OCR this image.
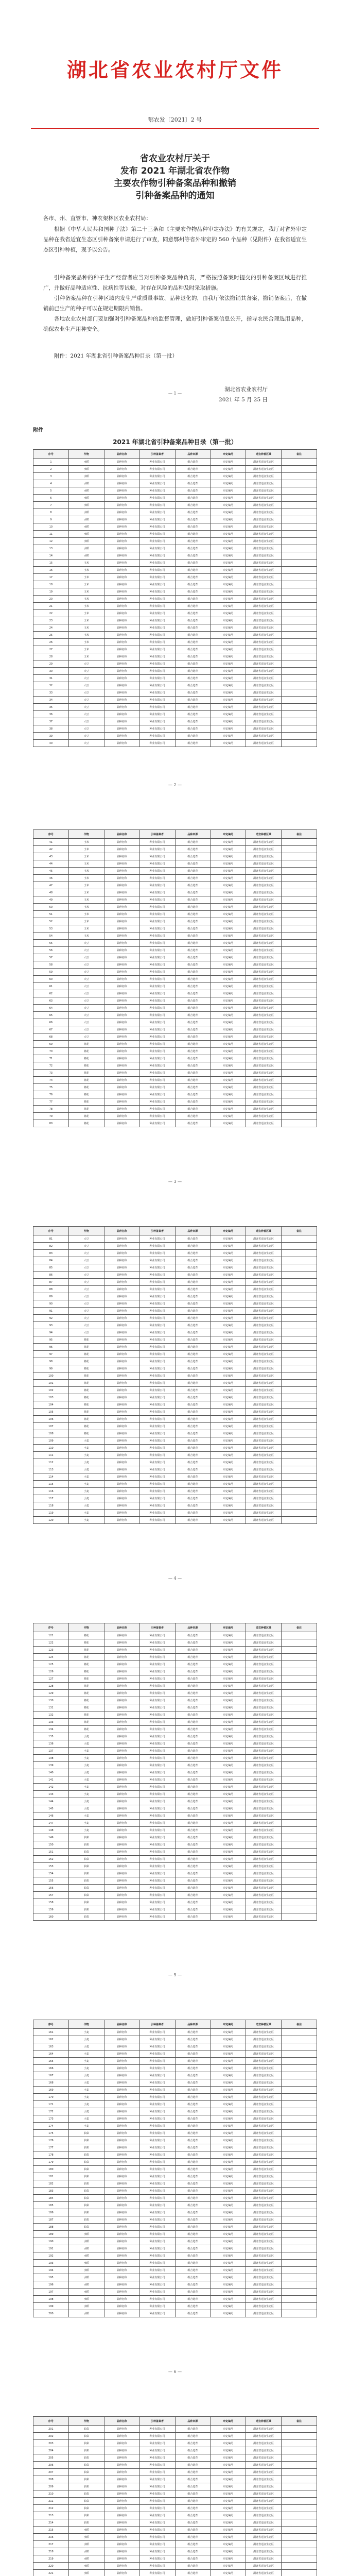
湖北省农业农村厅文件
鄂农发〔2021〕2 号
省农业农村厅关于
发布 2021 年湖北省农作物
主要农作物引种备案品种和撤销
引种备案品种的通知
各市、州、直管市、神农架林区农业农村局：
根据《中华人民共和国种子法》第二十三条和《主要农作物品种审定办法》的有关规定，我厅对省外审定品种在我省适宜生态区引种备案申请进行了审查，同意鄂州等省外审定的 560 个品种（见附件）在我省适宜生态区引种种植，现予以公告。
引种备案品种的种子生产经营者应当对引种备案品种负责，严格按照备案时提交的引种备案区域进行推广，并做好品种适应性、抗病性等试验，对存在风险的品种及时采取措施。
引种备案品种在引种区域内发生严重质量事故、品种退化的，由我厅依法撤销其备案，撤销备案后，在撤销前已生产的种子可以在规定期限内销售。
各地农业农村部门要加强对引种备案品种的监督管理，做好引种备案信息公开，指导农民合理选用品种，确保农业生产用种安全。
附件：2021 年湖北省引种备案品种目录（第一批）
湖北省农业农村厅
2021 年 5 月 25 日
— 1 —
附件
2021 年湖北省引种备案品种目录（第一批）
序号	作物	品种名称	引种备案者	品种来源	审定编号	适宜种植区域	备注
1	水稻	品种名称	种业有限公司	组合选育	审定编号	湖北省适宜生态区	
2	水稻	品种名称	种业有限公司	组合选育	审定编号	湖北省适宜生态区	
3	水稻	品种名称	种业有限公司	组合选育	审定编号	湖北省适宜生态区	
4	水稻	品种名称	种业有限公司	组合选育	审定编号	湖北省适宜生态区	
5	水稻	品种名称	种业有限公司	组合选育	审定编号	湖北省适宜生态区	
6	水稻	品种名称	种业有限公司	组合选育	审定编号	湖北省适宜生态区	
7	水稻	品种名称	种业有限公司	组合选育	审定编号	湖北省适宜生态区	
8	水稻	品种名称	种业有限公司	组合选育	审定编号	湖北省适宜生态区	
9	水稻	品种名称	种业有限公司	组合选育	审定编号	湖北省适宜生态区	
10	水稻	品种名称	种业有限公司	组合选育	审定编号	湖北省适宜生态区	
11	水稻	品种名称	种业有限公司	组合选育	审定编号	湖北省适宜生态区	
12	水稻	品种名称	种业有限公司	组合选育	审定编号	湖北省适宜生态区	
13	水稻	品种名称	种业有限公司	组合选育	审定编号	湖北省适宜生态区	
14	水稻	品种名称	种业有限公司	组合选育	审定编号	湖北省适宜生态区	
15	玉米	品种名称	种业有限公司	组合选育	审定编号	湖北省适宜生态区	
16	玉米	品种名称	种业有限公司	组合选育	审定编号	湖北省适宜生态区	
17	玉米	品种名称	种业有限公司	组合选育	审定编号	湖北省适宜生态区	
18	玉米	品种名称	种业有限公司	组合选育	审定编号	湖北省适宜生态区	
19	玉米	品种名称	种业有限公司	组合选育	审定编号	湖北省适宜生态区	
20	玉米	品种名称	种业有限公司	组合选育	审定编号	湖北省适宜生态区	
21	玉米	品种名称	种业有限公司	组合选育	审定编号	湖北省适宜生态区	
22	玉米	品种名称	种业有限公司	组合选育	审定编号	湖北省适宜生态区	
23	玉米	品种名称	种业有限公司	组合选育	审定编号	湖北省适宜生态区	
24	玉米	品种名称	种业有限公司	组合选育	审定编号	湖北省适宜生态区	
25	玉米	品种名称	种业有限公司	组合选育	审定编号	湖北省适宜生态区	
26	玉米	品种名称	种业有限公司	组合选育	审定编号	湖北省适宜生态区	
27	玉米	品种名称	种业有限公司	组合选育	审定编号	湖北省适宜生态区	
28	玉米	品种名称	种业有限公司	组合选育	审定编号	湖北省适宜生态区	
29	大豆	品种名称	种业有限公司	组合选育	审定编号	湖北省适宜生态区	
30	大豆	品种名称	种业有限公司	组合选育	审定编号	湖北省适宜生态区	
31	大豆	品种名称	种业有限公司	组合选育	审定编号	湖北省适宜生态区	
32	大豆	品种名称	种业有限公司	组合选育	审定编号	湖北省适宜生态区	
33	大豆	品种名称	种业有限公司	组合选育	审定编号	湖北省适宜生态区	
34	大豆	品种名称	种业有限公司	组合选育	审定编号	湖北省适宜生态区	
35	大豆	品种名称	种业有限公司	组合选育	审定编号	湖北省适宜生态区	
36	大豆	品种名称	种业有限公司	组合选育	审定编号	湖北省适宜生态区	
37	大豆	品种名称	种业有限公司	组合选育	审定编号	湖北省适宜生态区	
38	大豆	品种名称	种业有限公司	组合选育	审定编号	湖北省适宜生态区	
39	大豆	品种名称	种业有限公司	组合选育	审定编号	湖北省适宜生态区	
40	大豆	品种名称	种业有限公司	组合选育	审定编号	湖北省适宜生态区	
— 2 —
序号	作物	品种名称	引种备案者	品种来源	审定编号	适宜种植区域	备注
41	玉米	品种名称	种业有限公司	组合选育	审定编号	湖北省适宜生态区	
42	玉米	品种名称	种业有限公司	组合选育	审定编号	湖北省适宜生态区	
43	玉米	品种名称	种业有限公司	组合选育	审定编号	湖北省适宜生态区	
44	玉米	品种名称	种业有限公司	组合选育	审定编号	湖北省适宜生态区	
45	玉米	品种名称	种业有限公司	组合选育	审定编号	湖北省适宜生态区	
46	玉米	品种名称	种业有限公司	组合选育	审定编号	湖北省适宜生态区	
47	玉米	品种名称	种业有限公司	组合选育	审定编号	湖北省适宜生态区	
48	玉米	品种名称	种业有限公司	组合选育	审定编号	湖北省适宜生态区	
49	玉米	品种名称	种业有限公司	组合选育	审定编号	湖北省适宜生态区	
50	玉米	品种名称	种业有限公司	组合选育	审定编号	湖北省适宜生态区	
51	玉米	品种名称	种业有限公司	组合选育	审定编号	湖北省适宜生态区	
52	玉米	品种名称	种业有限公司	组合选育	审定编号	湖北省适宜生态区	
53	玉米	品种名称	种业有限公司	组合选育	审定编号	湖北省适宜生态区	
54	玉米	品种名称	种业有限公司	组合选育	审定编号	湖北省适宜生态区	
55	大豆	品种名称	种业有限公司	组合选育	审定编号	湖北省适宜生态区	
56	大豆	品种名称	种业有限公司	组合选育	审定编号	湖北省适宜生态区	
57	大豆	品种名称	种业有限公司	组合选育	审定编号	湖北省适宜生态区	
58	大豆	品种名称	种业有限公司	组合选育	审定编号	湖北省适宜生态区	
59	大豆	品种名称	种业有限公司	组合选育	审定编号	湖北省适宜生态区	
60	大豆	品种名称	种业有限公司	组合选育	审定编号	湖北省适宜生态区	
61	大豆	品种名称	种业有限公司	组合选育	审定编号	湖北省适宜生态区	
62	大豆	品种名称	种业有限公司	组合选育	审定编号	湖北省适宜生态区	
63	大豆	品种名称	种业有限公司	组合选育	审定编号	湖北省适宜生态区	
64	大豆	品种名称	种业有限公司	组合选育	审定编号	湖北省适宜生态区	
65	大豆	品种名称	种业有限公司	组合选育	审定编号	湖北省适宜生态区	
66	大豆	品种名称	种业有限公司	组合选育	审定编号	湖北省适宜生态区	
67	大豆	品种名称	种业有限公司	组合选育	审定编号	湖北省适宜生态区	
68	大豆	品种名称	种业有限公司	组合选育	审定编号	湖北省适宜生态区	
69	棉花	品种名称	种业有限公司	组合选育	审定编号	湖北省适宜生态区	
70	棉花	品种名称	种业有限公司	组合选育	审定编号	湖北省适宜生态区	
71	棉花	品种名称	种业有限公司	组合选育	审定编号	湖北省适宜生态区	
72	棉花	品种名称	种业有限公司	组合选育	审定编号	湖北省适宜生态区	
73	棉花	品种名称	种业有限公司	组合选育	审定编号	湖北省适宜生态区	
74	棉花	品种名称	种业有限公司	组合选育	审定编号	湖北省适宜生态区	
75	棉花	品种名称	种业有限公司	组合选育	审定编号	湖北省适宜生态区	
76	棉花	品种名称	种业有限公司	组合选育	审定编号	湖北省适宜生态区	
77	棉花	品种名称	种业有限公司	组合选育	审定编号	湖北省适宜生态区	
78	棉花	品种名称	种业有限公司	组合选育	审定编号	湖北省适宜生态区	
79	棉花	品种名称	种业有限公司	组合选育	审定编号	湖北省适宜生态区	
80	棉花	品种名称	种业有限公司	组合选育	审定编号	湖北省适宜生态区	
— 3 —
序号	作物	品种名称	引种备案者	品种来源	审定编号	适宜种植区域	备注
81	大豆	品种名称	种业有限公司	组合选育	审定编号	湖北省适宜生态区	
82	大豆	品种名称	种业有限公司	组合选育	审定编号	湖北省适宜生态区	
83	大豆	品种名称	种业有限公司	组合选育	审定编号	湖北省适宜生态区	
84	大豆	品种名称	种业有限公司	组合选育	审定编号	湖北省适宜生态区	
85	大豆	品种名称	种业有限公司	组合选育	审定编号	湖北省适宜生态区	
86	大豆	品种名称	种业有限公司	组合选育	审定编号	湖北省适宜生态区	
87	大豆	品种名称	种业有限公司	组合选育	审定编号	湖北省适宜生态区	
88	大豆	品种名称	种业有限公司	组合选育	审定编号	湖北省适宜生态区	
89	大豆	品种名称	种业有限公司	组合选育	审定编号	湖北省适宜生态区	
90	大豆	品种名称	种业有限公司	组合选育	审定编号	湖北省适宜生态区	
91	大豆	品种名称	种业有限公司	组合选育	审定编号	湖北省适宜生态区	
92	大豆	品种名称	种业有限公司	组合选育	审定编号	湖北省适宜生态区	
93	大豆	品种名称	种业有限公司	组合选育	审定编号	湖北省适宜生态区	
94	大豆	品种名称	种业有限公司	组合选育	审定编号	湖北省适宜生态区	
95	棉花	品种名称	种业有限公司	组合选育	审定编号	湖北省适宜生态区	
96	棉花	品种名称	种业有限公司	组合选育	审定编号	湖北省适宜生态区	
97	棉花	品种名称	种业有限公司	组合选育	审定编号	湖北省适宜生态区	
98	棉花	品种名称	种业有限公司	组合选育	审定编号	湖北省适宜生态区	
99	棉花	品种名称	种业有限公司	组合选育	审定编号	湖北省适宜生态区	
100	棉花	品种名称	种业有限公司	组合选育	审定编号	湖北省适宜生态区	
101	棉花	品种名称	种业有限公司	组合选育	审定编号	湖北省适宜生态区	
102	棉花	品种名称	种业有限公司	组合选育	审定编号	湖北省适宜生态区	
103	棉花	品种名称	种业有限公司	组合选育	审定编号	湖北省适宜生态区	
104	棉花	品种名称	种业有限公司	组合选育	审定编号	湖北省适宜生态区	
105	棉花	品种名称	种业有限公司	组合选育	审定编号	湖北省适宜生态区	
106	棉花	品种名称	种业有限公司	组合选育	审定编号	湖北省适宜生态区	
107	棉花	品种名称	种业有限公司	组合选育	审定编号	湖北省适宜生态区	
108	棉花	品种名称	种业有限公司	组合选育	审定编号	湖北省适宜生态区	
109	小麦	品种名称	种业有限公司	组合选育	审定编号	湖北省适宜生态区	
110	小麦	品种名称	种业有限公司	组合选育	审定编号	湖北省适宜生态区	
111	小麦	品种名称	种业有限公司	组合选育	审定编号	湖北省适宜生态区	
112	小麦	品种名称	种业有限公司	组合选育	审定编号	湖北省适宜生态区	
113	小麦	品种名称	种业有限公司	组合选育	审定编号	湖北省适宜生态区	
114	小麦	品种名称	种业有限公司	组合选育	审定编号	湖北省适宜生态区	
115	小麦	品种名称	种业有限公司	组合选育	审定编号	湖北省适宜生态区	
116	小麦	品种名称	种业有限公司	组合选育	审定编号	湖北省适宜生态区	
117	小麦	品种名称	种业有限公司	组合选育	审定编号	湖北省适宜生态区	
118	小麦	品种名称	种业有限公司	组合选育	审定编号	湖北省适宜生态区	
119	小麦	品种名称	种业有限公司	组合选育	审定编号	湖北省适宜生态区	
120	小麦	品种名称	种业有限公司	组合选育	审定编号	湖北省适宜生态区	
— 4 —
序号	作物	品种名称	引种备案者	品种来源	审定编号	适宜种植区域	备注
121	棉花	品种名称	种业有限公司	组合选育	审定编号	湖北省适宜生态区	
122	棉花	品种名称	种业有限公司	组合选育	审定编号	湖北省适宜生态区	
123	棉花	品种名称	种业有限公司	组合选育	审定编号	湖北省适宜生态区	
124	棉花	品种名称	种业有限公司	组合选育	审定编号	湖北省适宜生态区	
125	棉花	品种名称	种业有限公司	组合选育	审定编号	湖北省适宜生态区	
126	棉花	品种名称	种业有限公司	组合选育	审定编号	湖北省适宜生态区	
127	棉花	品种名称	种业有限公司	组合选育	审定编号	湖北省适宜生态区	
128	棉花	品种名称	种业有限公司	组合选育	审定编号	湖北省适宜生态区	
129	棉花	品种名称	种业有限公司	组合选育	审定编号	湖北省适宜生态区	
130	棉花	品种名称	种业有限公司	组合选育	审定编号	湖北省适宜生态区	
131	棉花	品种名称	种业有限公司	组合选育	审定编号	湖北省适宜生态区	
132	棉花	品种名称	种业有限公司	组合选育	审定编号	湖北省适宜生态区	
133	棉花	品种名称	种业有限公司	组合选育	审定编号	湖北省适宜生态区	
134	棉花	品种名称	种业有限公司	组合选育	审定编号	湖北省适宜生态区	
135	小麦	品种名称	种业有限公司	组合选育	审定编号	湖北省适宜生态区	
136	小麦	品种名称	种业有限公司	组合选育	审定编号	湖北省适宜生态区	
137	小麦	品种名称	种业有限公司	组合选育	审定编号	湖北省适宜生态区	
138	小麦	品种名称	种业有限公司	组合选育	审定编号	湖北省适宜生态区	
139	小麦	品种名称	种业有限公司	组合选育	审定编号	湖北省适宜生态区	
140	小麦	品种名称	种业有限公司	组合选育	审定编号	湖北省适宜生态区	
141	小麦	品种名称	种业有限公司	组合选育	审定编号	湖北省适宜生态区	
142	小麦	品种名称	种业有限公司	组合选育	审定编号	湖北省适宜生态区	
143	小麦	品种名称	种业有限公司	组合选育	审定编号	湖北省适宜生态区	
144	小麦	品种名称	种业有限公司	组合选育	审定编号	湖北省适宜生态区	
145	小麦	品种名称	种业有限公司	组合选育	审定编号	湖北省适宜生态区	
146	小麦	品种名称	种业有限公司	组合选育	审定编号	湖北省适宜生态区	
147	小麦	品种名称	种业有限公司	组合选育	审定编号	湖北省适宜生态区	
148	小麦	品种名称	种业有限公司	组合选育	审定编号	湖北省适宜生态区	
149	油菜	品种名称	种业有限公司	组合选育	审定编号	湖北省适宜生态区	
150	油菜	品种名称	种业有限公司	组合选育	审定编号	湖北省适宜生态区	
151	油菜	品种名称	种业有限公司	组合选育	审定编号	湖北省适宜生态区	
152	油菜	品种名称	种业有限公司	组合选育	审定编号	湖北省适宜生态区	
153	油菜	品种名称	种业有限公司	组合选育	审定编号	湖北省适宜生态区	
154	油菜	品种名称	种业有限公司	组合选育	审定编号	湖北省适宜生态区	
155	油菜	品种名称	种业有限公司	组合选育	审定编号	湖北省适宜生态区	
156	油菜	品种名称	种业有限公司	组合选育	审定编号	湖北省适宜生态区	
157	油菜	品种名称	种业有限公司	组合选育	审定编号	湖北省适宜生态区	
158	油菜	品种名称	种业有限公司	组合选育	审定编号	湖北省适宜生态区	
159	油菜	品种名称	种业有限公司	组合选育	审定编号	湖北省适宜生态区	
160	油菜	品种名称	种业有限公司	组合选育	审定编号	湖北省适宜生态区	
— 5 —
序号	作物	品种名称	引种备案者	品种来源	审定编号	适宜种植区域	备注
161	小麦	品种名称	种业有限公司	组合选育	审定编号	湖北省适宜生态区	
162	小麦	品种名称	种业有限公司	组合选育	审定编号	湖北省适宜生态区	
163	小麦	品种名称	种业有限公司	组合选育	审定编号	湖北省适宜生态区	
164	小麦	品种名称	种业有限公司	组合选育	审定编号	湖北省适宜生态区	
165	小麦	品种名称	种业有限公司	组合选育	审定编号	湖北省适宜生态区	
166	小麦	品种名称	种业有限公司	组合选育	审定编号	湖北省适宜生态区	
167	小麦	品种名称	种业有限公司	组合选育	审定编号	湖北省适宜生态区	
168	小麦	品种名称	种业有限公司	组合选育	审定编号	湖北省适宜生态区	
169	小麦	品种名称	种业有限公司	组合选育	审定编号	湖北省适宜生态区	
170	小麦	品种名称	种业有限公司	组合选育	审定编号	湖北省适宜生态区	
171	小麦	品种名称	种业有限公司	组合选育	审定编号	湖北省适宜生态区	
172	小麦	品种名称	种业有限公司	组合选育	审定编号	湖北省适宜生态区	
173	小麦	品种名称	种业有限公司	组合选育	审定编号	湖北省适宜生态区	
174	小麦	品种名称	种业有限公司	组合选育	审定编号	湖北省适宜生态区	
175	油菜	品种名称	种业有限公司	组合选育	审定编号	湖北省适宜生态区	
176	油菜	品种名称	种业有限公司	组合选育	审定编号	湖北省适宜生态区	
177	油菜	品种名称	种业有限公司	组合选育	审定编号	湖北省适宜生态区	
178	油菜	品种名称	种业有限公司	组合选育	审定编号	湖北省适宜生态区	
179	油菜	品种名称	种业有限公司	组合选育	审定编号	湖北省适宜生态区	
180	油菜	品种名称	种业有限公司	组合选育	审定编号	湖北省适宜生态区	
181	油菜	品种名称	种业有限公司	组合选育	审定编号	湖北省适宜生态区	
182	油菜	品种名称	种业有限公司	组合选育	审定编号	湖北省适宜生态区	
183	油菜	品种名称	种业有限公司	组合选育	审定编号	湖北省适宜生态区	
184	油菜	品种名称	种业有限公司	组合选育	审定编号	湖北省适宜生态区	
185	油菜	品种名称	种业有限公司	组合选育	审定编号	湖北省适宜生态区	
186	油菜	品种名称	种业有限公司	组合选育	审定编号	湖北省适宜生态区	
187	油菜	品种名称	种业有限公司	组合选育	审定编号	湖北省适宜生态区	
188	油菜	品种名称	种业有限公司	组合选育	审定编号	湖北省适宜生态区	
189	水稻	品种名称	种业有限公司	组合选育	审定编号	湖北省适宜生态区	
190	水稻	品种名称	种业有限公司	组合选育	审定编号	湖北省适宜生态区	
191	水稻	品种名称	种业有限公司	组合选育	审定编号	湖北省适宜生态区	
192	水稻	品种名称	种业有限公司	组合选育	审定编号	湖北省适宜生态区	
193	水稻	品种名称	种业有限公司	组合选育	审定编号	湖北省适宜生态区	
194	水稻	品种名称	种业有限公司	组合选育	审定编号	湖北省适宜生态区	
195	水稻	品种名称	种业有限公司	组合选育	审定编号	湖北省适宜生态区	
196	水稻	品种名称	种业有限公司	组合选育	审定编号	湖北省适宜生态区	
197	水稻	品种名称	种业有限公司	组合选育	审定编号	湖北省适宜生态区	
198	水稻	品种名称	种业有限公司	组合选育	审定编号	湖北省适宜生态区	
199	水稻	品种名称	种业有限公司	组合选育	审定编号	湖北省适宜生态区	
200	水稻	品种名称	种业有限公司	组合选育	审定编号	湖北省适宜生态区	
— 6 —
序号	作物	品种名称	引种备案者	品种来源	审定编号	适宜种植区域	备注
201	油菜	品种名称	种业有限公司	组合选育	审定编号	湖北省适宜生态区	
202	油菜	品种名称	种业有限公司	组合选育	审定编号	湖北省适宜生态区	
203	油菜	品种名称	种业有限公司	组合选育	审定编号	湖北省适宜生态区	
204	油菜	品种名称	种业有限公司	组合选育	审定编号	湖北省适宜生态区	
205	油菜	品种名称	种业有限公司	组合选育	审定编号	湖北省适宜生态区	
206	油菜	品种名称	种业有限公司	组合选育	审定编号	湖北省适宜生态区	
207	油菜	品种名称	种业有限公司	组合选育	审定编号	湖北省适宜生态区	
208	油菜	品种名称	种业有限公司	组合选育	审定编号	湖北省适宜生态区	
209	油菜	品种名称	种业有限公司	组合选育	审定编号	湖北省适宜生态区	
210	油菜	品种名称	种业有限公司	组合选育	审定编号	湖北省适宜生态区	
211	油菜	品种名称	种业有限公司	组合选育	审定编号	湖北省适宜生态区	
212	油菜	品种名称	种业有限公司	组合选育	审定编号	湖北省适宜生态区	
213	油菜	品种名称	种业有限公司	组合选育	审定编号	湖北省适宜生态区	
214	油菜	品种名称	种业有限公司	组合选育	审定编号	湖北省适宜生态区	
215	水稻	品种名称	种业有限公司	组合选育	审定编号	湖北省适宜生态区	
216	水稻	品种名称	种业有限公司	组合选育	审定编号	湖北省适宜生态区	
217	水稻	品种名称	种业有限公司	组合选育	审定编号	湖北省适宜生态区	
218	水稻	品种名称	种业有限公司	组合选育	审定编号	湖北省适宜生态区	
219	水稻	品种名称	种业有限公司	组合选育	审定编号	湖北省适宜生态区	
220	水稻	品种名称	种业有限公司	组合选育	审定编号	湖北省适宜生态区	
221	水稻	品种名称	种业有限公司	组合选育	审定编号	湖北省适宜生态区	
